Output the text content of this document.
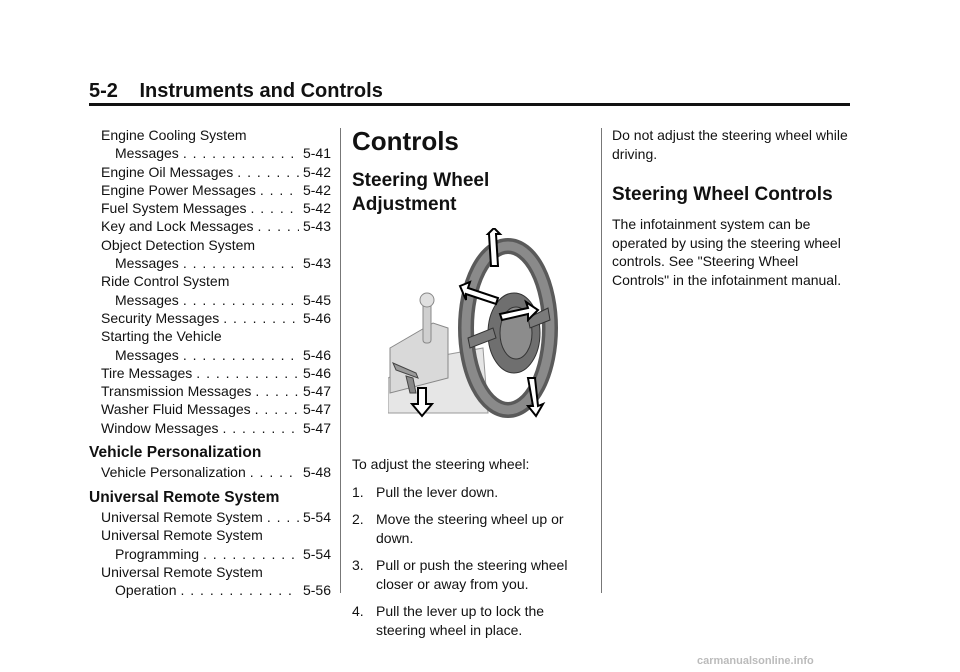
5-2 Instruments and Controls
Engine Cooling System
Messages . . .	5-41
Engine Oil Messages . . .	5-42
Engine Power Messages . . .	5-42
Fuel System Messages . . .	5-42
Key and Lock Messages . . .	5-43
Object Detection System
Messages . . .	5-43
Ride Control System
Messages . . .	5-45
Security Messages . . .	5-46
Starting the Vehicle
Messages . . .	5-46
Tire Messages . . .	5-46
Transmission Messages . . .	5-47
Washer Fluid Messages . . .	5-47
Window Messages . . .	5-47
Vehicle Personalization
Vehicle Personalization . . .	5-48
Universal Remote System
Universal Remote System . . .	5-54
Universal Remote System
Programming . . .	5-54
Universal Remote System
Operation . . .	5-56
Controls
Steering Wheel
Adjustment

To adjust the steering wheel:

1. Pull the lever down.
2. Move the steering wheel up or down.
3. Pull or push the steering wheel closer or away from you.
4. Pull the lever up to lock the steering wheel in place.

Do not adjust the steering wheel while driving.

Steering Wheel Controls

The infotainment system can be operated by using the steering wheel controls. See "Steering Wheel Controls" in the infotainment manual.

carmanualsonline.info
